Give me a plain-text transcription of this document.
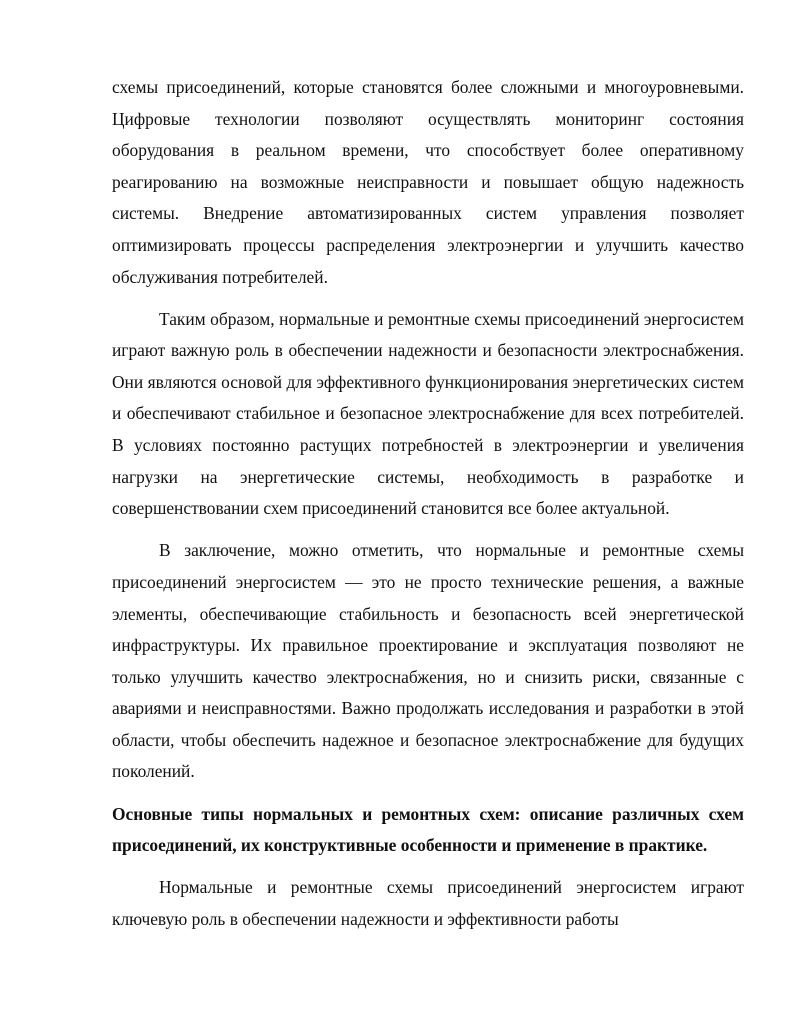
схемы присоединений, которые становятся более сложными и многоуровневыми. Цифровые технологии позволяют осуществлять мониторинг состояния оборудования в реальном времени, что способствует более оперативному реагированию на возможные неисправности и повышает общую надежность системы. Внедрение автоматизированных систем управления позволяет оптимизировать процессы распределения электроэнергии и улучшить качество обслуживания потребителей.

Таким образом, нормальные и ремонтные схемы присоединений энергосистем играют важную роль в обеспечении надежности и безопасности электроснабжения. Они являются основой для эффективного функционирования энергетических систем и обеспечивают стабильное и безопасное электроснабжение для всех потребителей. В условиях постоянно растущих потребностей в электроэнергии и увеличения нагрузки на энергетические системы, необходимость в разработке и совершенствовании схем присоединений становится все более актуальной.

В заключение, можно отметить, что нормальные и ремонтные схемы присоединений энергосистем — это не просто технические решения, а важные элементы, обеспечивающие стабильность и безопасность всей энергетической инфраструктуры. Их правильное проектирование и эксплуатация позволяют не только улучшить качество электроснабжения, но и снизить риски, связанные с авариями и неисправностями. Важно продолжать исследования и разработки в этой области, чтобы обеспечить надежное и безопасное электроснабжение для будущих поколений.

Основные типы нормальных и ремонтных схем: описание различных схем присоединений, их конструктивные особенности и применение в практике.

Нормальные и ремонтные схемы присоединений энергосистем играют ключевую роль в обеспечении надежности и эффективности работы
